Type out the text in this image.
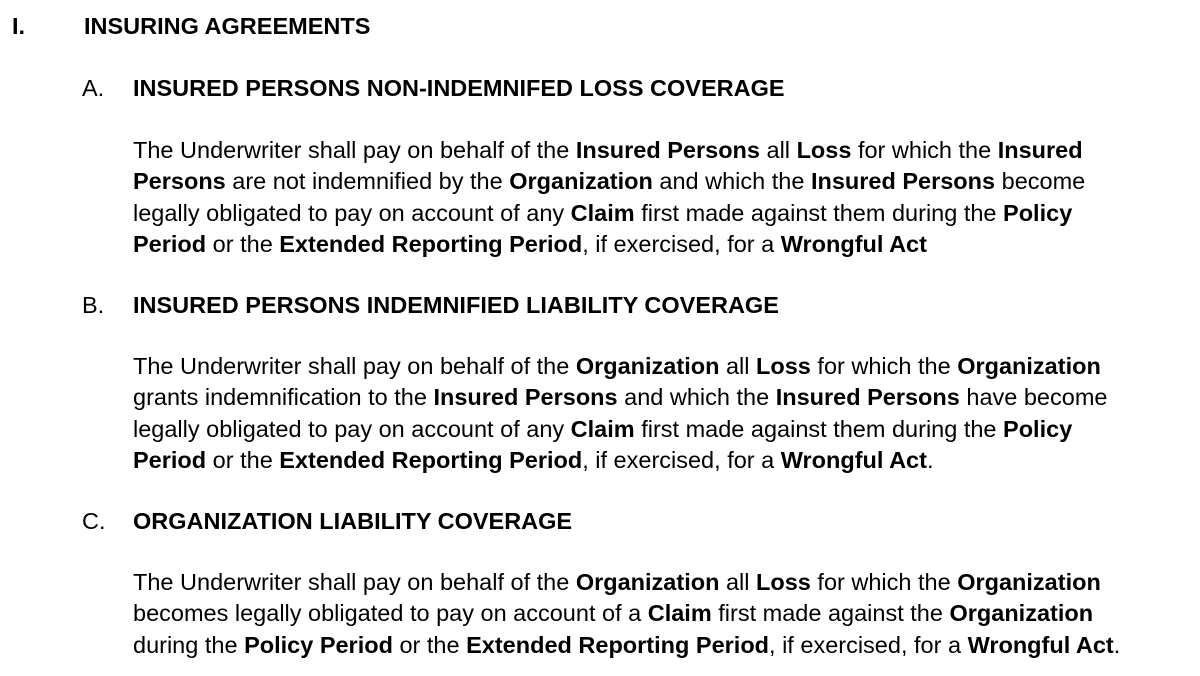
I.	INSURING AGREEMENTS
A. INSURED PERSONS NON-INDEMNIFED LOSS COVERAGE
The Underwriter shall pay on behalf of the Insured Persons all Loss for which the Insured
Persons are not indemnified by the Organization and which the Insured Persons become
legally obligated to pay on account of any Claim first made against them during the Policy
Period or the Extended Reporting Period, if exercised, for a Wrongful Act
B. INSURED PERSONS INDEMNIFIED LIABILITY COVERAGE
The Underwriter shall pay on behalf of the Organization all Loss for which the Organization
grants indemnification to the Insured Persons and which the Insured Persons have become
legally obligated to pay on account of any Claim first made against them during the Policy
Period or the Extended Reporting Period, if exercised, for a Wrongful Act.
C. ORGANIZATION LIABILITY COVERAGE
The Underwriter shall pay on behalf of the Organization all Loss for which the Organization
becomes legally obligated to pay on account of a Claim first made against the Organization
during the Policy Period or the Extended Reporting Period, if exercised, for a Wrongful Act.
